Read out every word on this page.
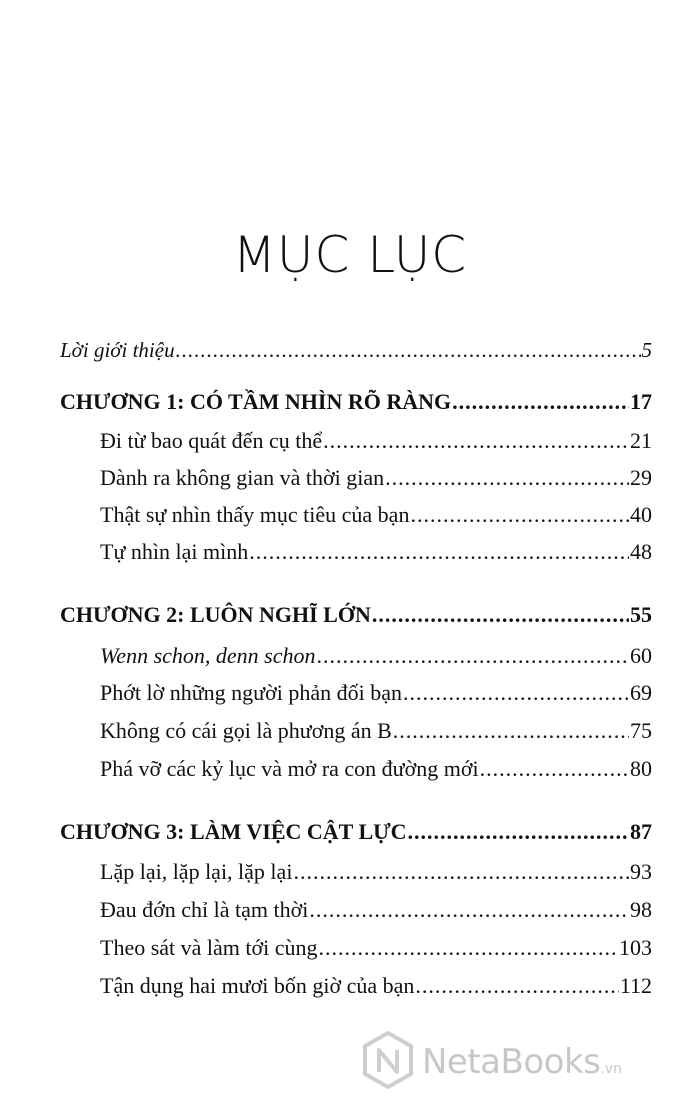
MỤC LỤC
Lời giới thiệu .....	5
CHƯƠNG 1: CÓ TẦM NHÌN RÕ RÀNG .....	17
Đi từ bao quát đến cụ thể .....	21
Dành ra không gian và thời gian .....	29
Thật sự nhìn thấy mục tiêu của bạn .....	40
Tự nhìn lại mình .....	48
CHƯƠNG 2: LUÔN NGHĨ LỚN .....	55
Wenn schon, denn schon .....	60
Phớt lờ những người phản đối bạn .....	69
Không có cái gọi là phương án B .....	75
Phá vỡ các kỷ lục và mở ra con đường mới .....	80
CHƯƠNG 3: LÀM VIỆC CẬT LỰC .....	87
Lặp lại, lặp lại, lặp lại .....	93
Đau đớn chỉ là tạm thời .....	98
Theo sát và làm tới cùng .....	103
Tận dụng hai mươi bốn giờ của bạn .....	112
NetaBooks .vn
